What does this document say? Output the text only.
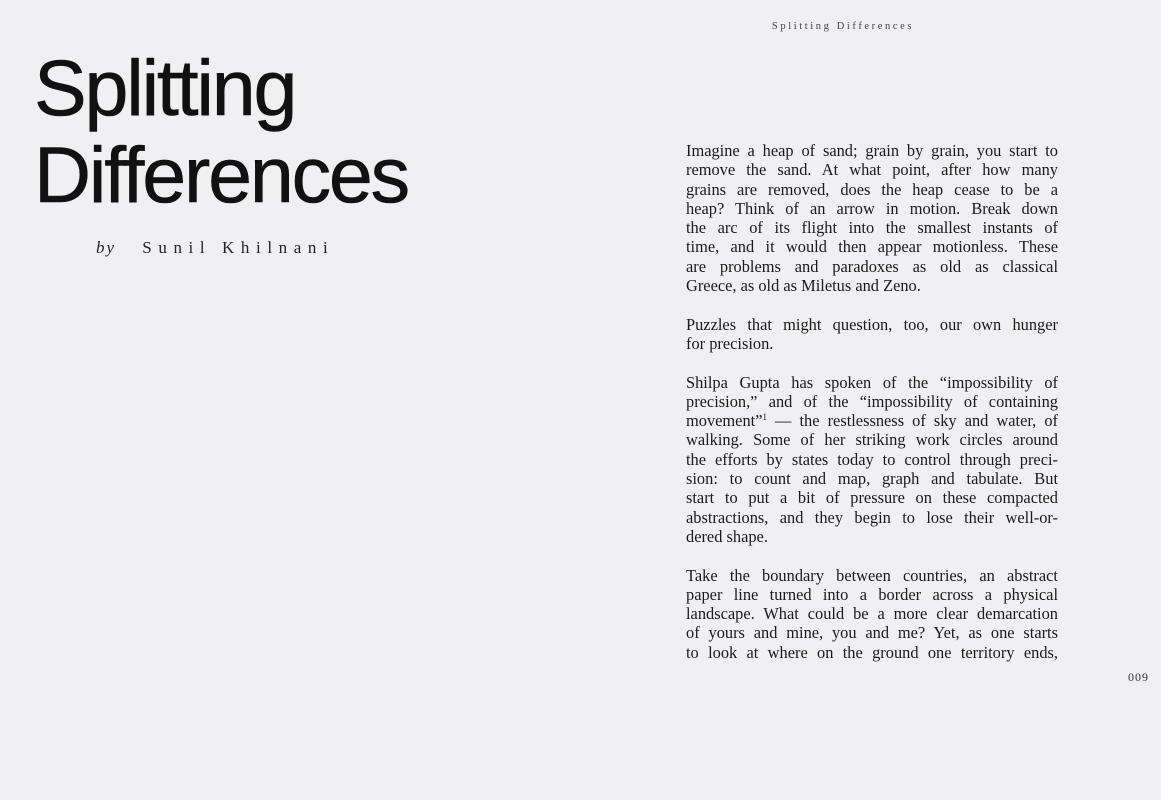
Splitting Differences
Splitting
Differences
by Sunil Khilnani

Imagine a heap of sand; grain by grain, you start to
remove the sand. At what point, after how many
grains are removed, does the heap cease to be a
heap? Think of an arrow in motion. Break down
the arc of its flight into the smallest instants of
time, and it would then appear motionless. These
are problems and paradoxes as old as classical
Greece, as old as Miletus and Zeno.

Puzzles that might question, too, our own hunger
for precision.

Shilpa Gupta has spoken of the “impossibility of
precision,” and of the “impossibility of containing
movement”$^1$ — the restlessness of sky and water, of
walking. Some of her striking work circles around
the efforts by states today to control through preci-
sion: to count and map, graph and tabulate. But
start to put a bit of pressure on these compacted
abstractions, and they begin to lose their well-or-
dered shape.

Take the boundary between countries, an abstract
paper line turned into a border across a physical
landscape. What could be a more clear demarcation
of yours and mine, you and me? Yet, as one starts
to look at where on the ground one territory ends,

009
